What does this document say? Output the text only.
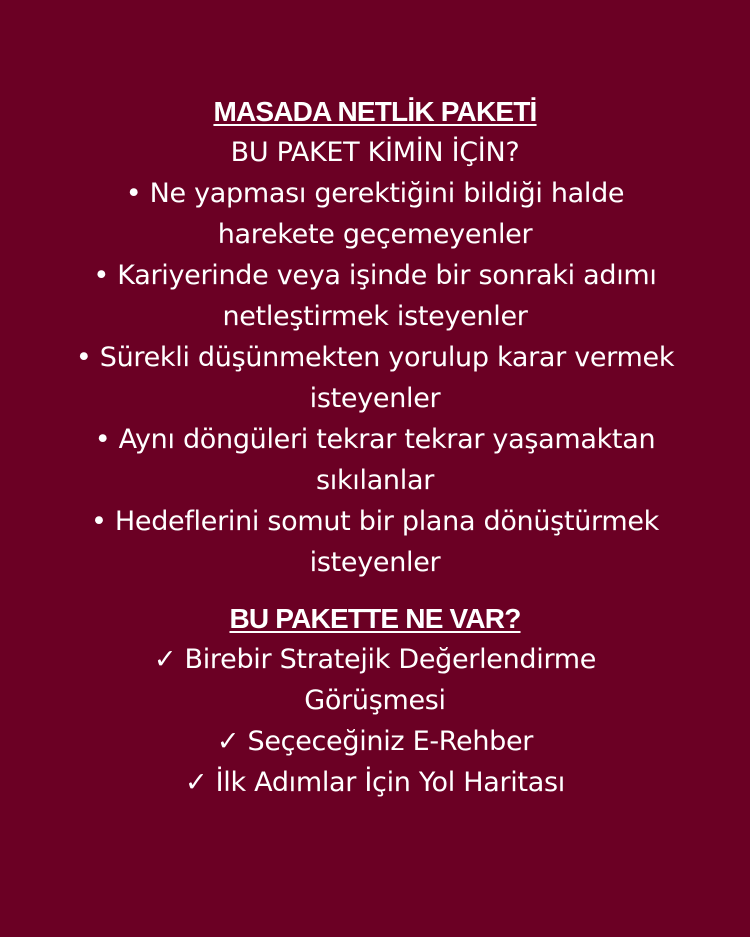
MASADA NETLİK PAKETİ
BU PAKET KİMİN İÇİN?
• Ne yapması gerektiğini bildiği halde
harekete geçemeyenler
• Kariyerinde veya işinde bir sonraki adımı
netleştirmek isteyenler
• Sürekli düşünmekten yorulup karar vermek
isteyenler
• Aynı döngüleri tekrar tekrar yaşamaktan
sıkılanlar
• Hedeflerini somut bir plana dönüştürmek
isteyenler
BU PAKETTE NE VAR?
✓ Birebir Stratejik Değerlendirme
Görüşmesi
✓ Seçeceğiniz E-Rehber
✓ İlk Adımlar İçin Yol Haritası
